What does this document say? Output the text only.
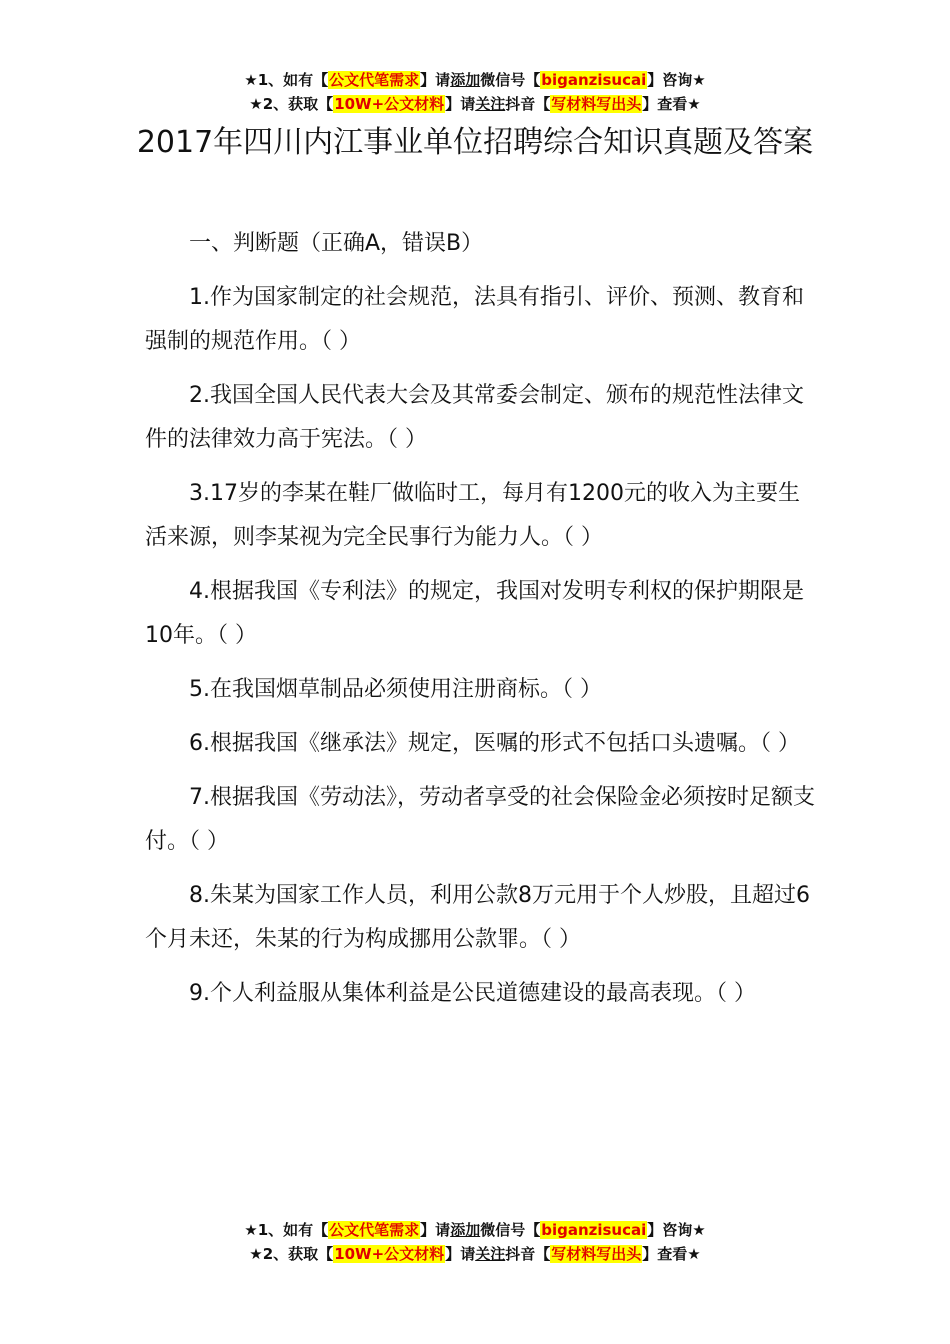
★1、如有【公文代笔需求】请添加微信号【biganzisucai】咨询★
★2、获取【10W+公文材料】请关注抖音【写材料写出头】查看★
2017年四川内江事业单位招聘综合知识真题及答案
一、判断题（正确A，错误B）
1.作为国家制定的社会规范，法具有指引、评价、预测、教育和强制的规范作用。（ ）
2.我国全国人民代表大会及其常委会制定、颁布的规范性法律文件的法律效力高于宪法。（ ）
3.17岁的李某在鞋厂做临时工，每月有1200元的收入为主要生活来源，则李某视为完全民事行为能力人。（ ）
4.根据我国《专利法》的规定，我国对发明专利权的保护期限是10年。（ ）
5.在我国烟草制品必须使用注册商标。（ ）
6.根据我国《继承法》规定，医嘱的形式不包括口头遗嘱。（ ）
7.根据我国《劳动法》，劳动者享受的社会保险金必须按时足额支付。（ ）
8.朱某为国家工作人员，利用公款8万元用于个人炒股，且超过6个月未还，朱某的行为构成挪用公款罪。（ ）
9.个人利益服从集体利益是公民道德建设的最高表现。（ ）
★1、如有【公文代笔需求】请添加微信号【biganzisucai】咨询★
★2、获取【10W+公文材料】请关注抖音【写材料写出头】查看★
